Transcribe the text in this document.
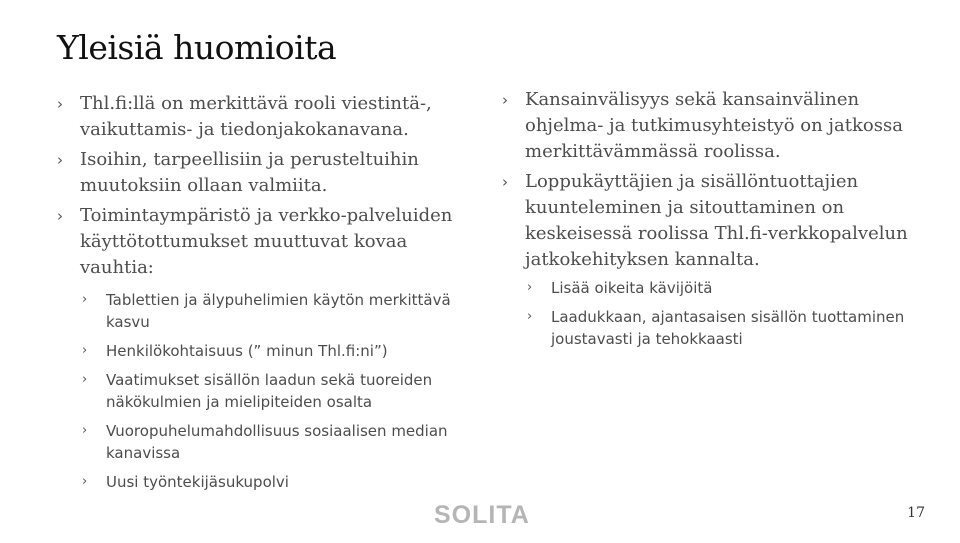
Yleisiä huomioita
› Thl.fi:llä on merkittävä rooli viestintä-, vaikuttamis- ja tiedonjakokanavana.
› Isoihin, tarpeellisiin ja perusteltuihin muutoksiin ollaan valmiita.
› Toimintaympäristö ja verkko-palveluiden käyttötottumukset muuttuvat kovaa vauhtia:
› Tablettien ja älypuhelimien käytön merkittävä kasvu
› Henkilökohtaisuus (” minun Thl.fi:ni”)
› Vaatimukset sisällön laadun sekä tuoreiden näkökulmien ja mielipiteiden osalta
› Vuoropuhelumahdollisuus sosiaalisen median kanavissa
› Uusi työntekijäsukupolvi
› Kansainvälisyys sekä kansainvälinen ohjelma- ja tutkimusyhteistyö on jatkossa merkittävämmässä roolissa.
› Loppukäyttäjien ja sisällöntuottajien kuunteleminen ja sitouttaminen on keskeisessä roolissa Thl.fi-verkkopalvelun jatkokehityksen kannalta.
› Lisää oikeita kävijöitä
› Laadukkaan, ajantasaisen sisällön tuottaminen joustavasti ja tehokkaasti
SOLITA	17
